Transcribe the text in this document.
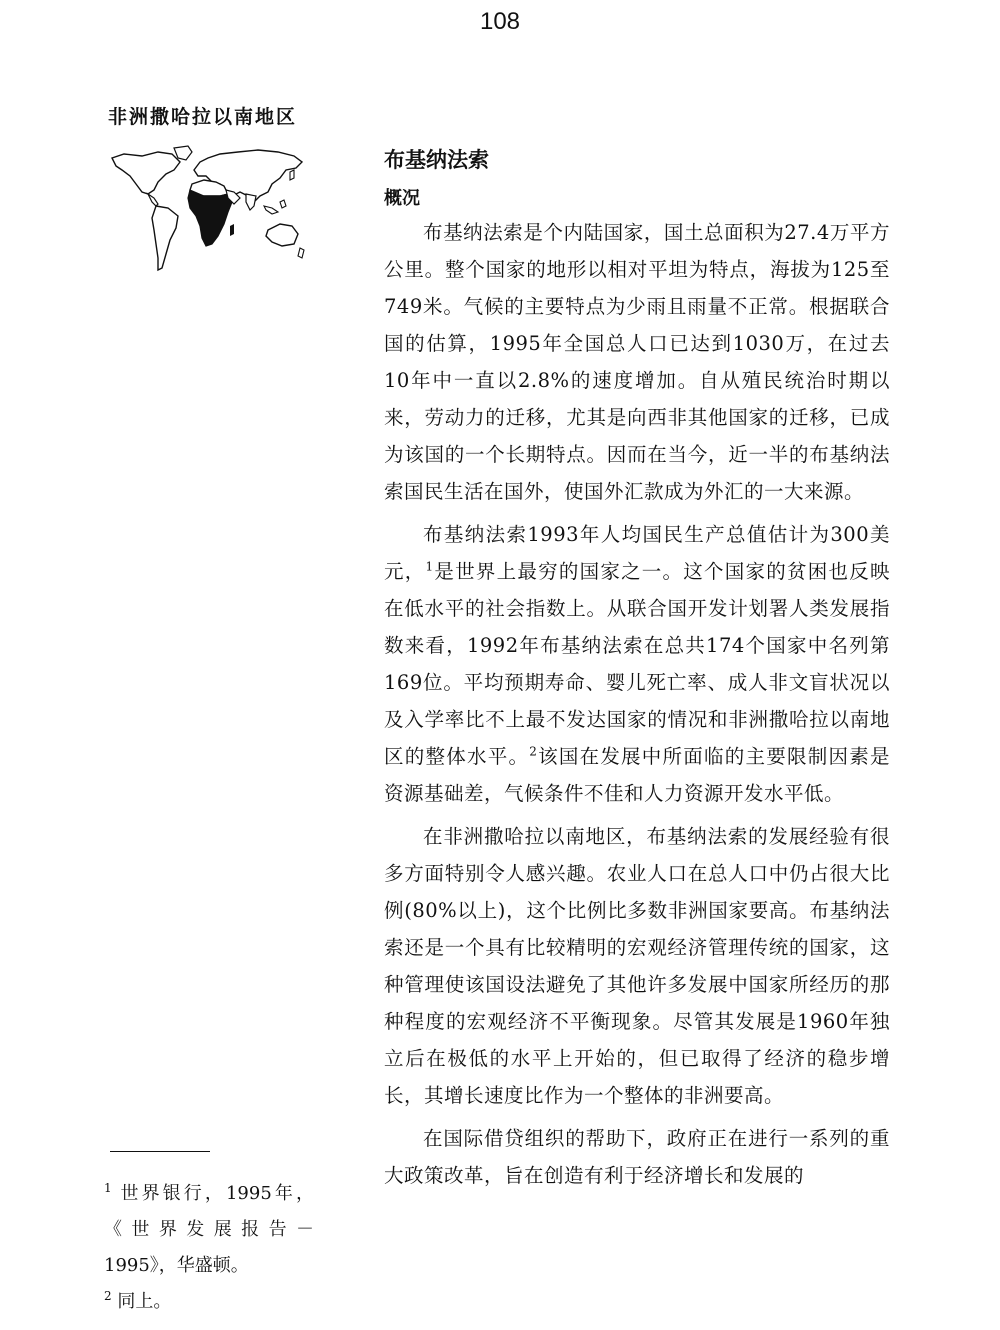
108
非洲撒哈拉以南地区
布基纳法索
概况

布基纳法索是个内陆国家，国土总面积为27.4万平方公里。整个国家的地形以相对平坦为特点，海拔为125至749米。气候的主要特点为少雨且雨量不正常。根据联合国的估算，1995年全国总人口已达到1030万，在过去10年中一直以2.8%的速度增加。自从殖民统治时期以来，劳动力的迁移，尤其是向西非其他国家的迁移，已成为该国的一个长期特点。因而在当今，近一半的布基纳法索国民生活在国外，使国外汇款成为外汇的一大来源。

布基纳法索1993年人均国民生产总值估计为300美元，$^1$是世界上最穷的国家之一。这个国家的贫困也反映在低水平的社会指数上。从联合国开发计划署人类发展指数来看，1992年布基纳法索在总共174个国家中名列第169位。平均预期寿命、婴儿死亡率、成人非文盲状况以及入学率比不上最不发达国家的情况和非洲撒哈拉以南地区的整体水平。$^2$该国在发展中所面临的主要限制因素是资源基础差，气候条件不佳和人力资源开发水平低。

在非洲撒哈拉以南地区，布基纳法索的发展经验有很多方面特别令人感兴趣。农业人口在总人口中仍占很大比例(80%以上)，这个比例比多数非洲国家要高。布基纳法索还是一个具有比较精明的宏观经济管理传统的国家，这种管理使该国设法避免了其他许多发展中国家所经历的那种程度的宏观经济不平衡现象。尽管其发展是1960年独立后在极低的水平上开始的，但已取得了经济的稳步增长，其增长速度比作为一个整体的非洲要高。

在国际借贷组织的帮助下，政府正在进行一系列的重大政策改革，旨在创造有利于经济增长和发展的

$^1$ 世界银行，1995年，《世界发展报告－1995》，华盛顿。

$^2$ 同上。
